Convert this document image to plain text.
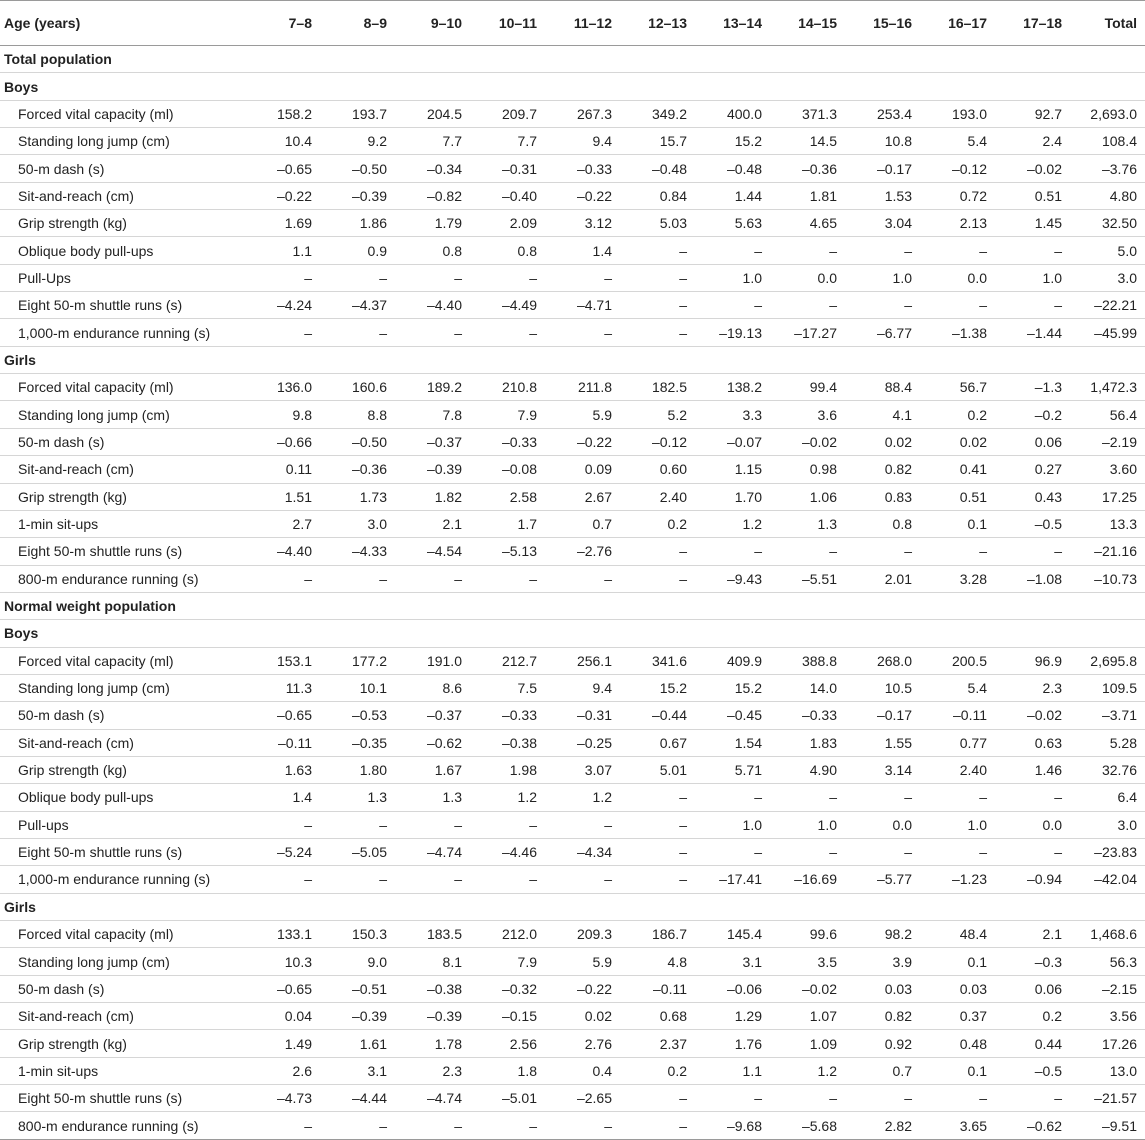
Age (years)	7–8	8–9	9–10	10–11	11–12	12–13	13–14	14–15	15–16	16–17	17–18	Total
Total population												
Boys												
Forced vital capacity (ml)	158.2	193.7	204.5	209.7	267.3	349.2	400.0	371.3	253.4	193.0	92.7	2,693.0
Standing long jump (cm)	10.4	9.2	7.7	7.7	9.4	15.7	15.2	14.5	10.8	5.4	2.4	108.4
50-m dash (s)	–0.65	–0.50	–0.34	–0.31	–0.33	–0.48	–0.48	–0.36	–0.17	–0.12	–0.02	–3.76
Sit-and-reach (cm)	–0.22	–0.39	–0.82	–0.40	–0.22	0.84	1.44	1.81	1.53	0.72	0.51	4.80
Grip strength (kg)	1.69	1.86	1.79	2.09	3.12	5.03	5.63	4.65	3.04	2.13	1.45	32.50
Oblique body pull-ups	1.1	0.9	0.8	0.8	1.4	–	–	–	–	–	–	5.0
Pull-Ups	–	–	–	–	–	–	1.0	0.0	1.0	0.0	1.0	3.0
Eight 50-m shuttle runs (s)	–4.24	–4.37	–4.40	–4.49	–4.71	–	–	–	–	–	–	–22.21
1,000-m endurance running (s)	–	–	–	–	–	–	–19.13	–17.27	–6.77	–1.38	–1.44	–45.99
Girls												
Forced vital capacity (ml)	136.0	160.6	189.2	210.8	211.8	182.5	138.2	99.4	88.4	56.7	–1.3	1,472.3
Standing long jump (cm)	9.8	8.8	7.8	7.9	5.9	5.2	3.3	3.6	4.1	0.2	–0.2	56.4
50-m dash (s)	–0.66	–0.50	–0.37	–0.33	–0.22	–0.12	–0.07	–0.02	0.02	0.02	0.06	–2.19
Sit-and-reach (cm)	0.11	–0.36	–0.39	–0.08	0.09	0.60	1.15	0.98	0.82	0.41	0.27	3.60
Grip strength (kg)	1.51	1.73	1.82	2.58	2.67	2.40	1.70	1.06	0.83	0.51	0.43	17.25
1-min sit-ups	2.7	3.0	2.1	1.7	0.7	0.2	1.2	1.3	0.8	0.1	–0.5	13.3
Eight 50-m shuttle runs (s)	–4.40	–4.33	–4.54	–5.13	–2.76	–	–	–	–	–	–	–21.16
800-m endurance running (s)	–	–	–	–	–	–	–9.43	–5.51	2.01	3.28	–1.08	–10.73
Normal weight population												
Boys												
Forced vital capacity (ml)	153.1	177.2	191.0	212.7	256.1	341.6	409.9	388.8	268.0	200.5	96.9	2,695.8
Standing long jump (cm)	11.3	10.1	8.6	7.5	9.4	15.2	15.2	14.0	10.5	5.4	2.3	109.5
50-m dash (s)	–0.65	–0.53	–0.37	–0.33	–0.31	–0.44	–0.45	–0.33	–0.17	–0.11	–0.02	–3.71
Sit-and-reach (cm)	–0.11	–0.35	–0.62	–0.38	–0.25	0.67	1.54	1.83	1.55	0.77	0.63	5.28
Grip strength (kg)	1.63	1.80	1.67	1.98	3.07	5.01	5.71	4.90	3.14	2.40	1.46	32.76
Oblique body pull-ups	1.4	1.3	1.3	1.2	1.2	–	–	–	–	–	–	6.4
Pull-ups	–	–	–	–	–	–	1.0	1.0	0.0	1.0	0.0	3.0
Eight 50-m shuttle runs (s)	–5.24	–5.05	–4.74	–4.46	–4.34	–	–	–	–	–	–	–23.83
1,000-m endurance running (s)	–	–	–	–	–	–	–17.41	–16.69	–5.77	–1.23	–0.94	–42.04
Girls												
Forced vital capacity (ml)	133.1	150.3	183.5	212.0	209.3	186.7	145.4	99.6	98.2	48.4	2.1	1,468.6
Standing long jump (cm)	10.3	9.0	8.1	7.9	5.9	4.8	3.1	3.5	3.9	0.1	–0.3	56.3
50-m dash (s)	–0.65	–0.51	–0.38	–0.32	–0.22	–0.11	–0.06	–0.02	0.03	0.03	0.06	–2.15
Sit-and-reach (cm)	0.04	–0.39	–0.39	–0.15	0.02	0.68	1.29	1.07	0.82	0.37	0.2	3.56
Grip strength (kg)	1.49	1.61	1.78	2.56	2.76	2.37	1.76	1.09	0.92	0.48	0.44	17.26
1-min sit-ups	2.6	3.1	2.3	1.8	0.4	0.2	1.1	1.2	0.7	0.1	–0.5	13.0
Eight 50-m shuttle runs (s)	–4.73	–4.44	–4.74	–5.01	–2.65	–	–	–	–	–	–	–21.57
800-m endurance running (s)	–	–	–	–	–	–	–9.68	–5.68	2.82	3.65	–0.62	–9.51
